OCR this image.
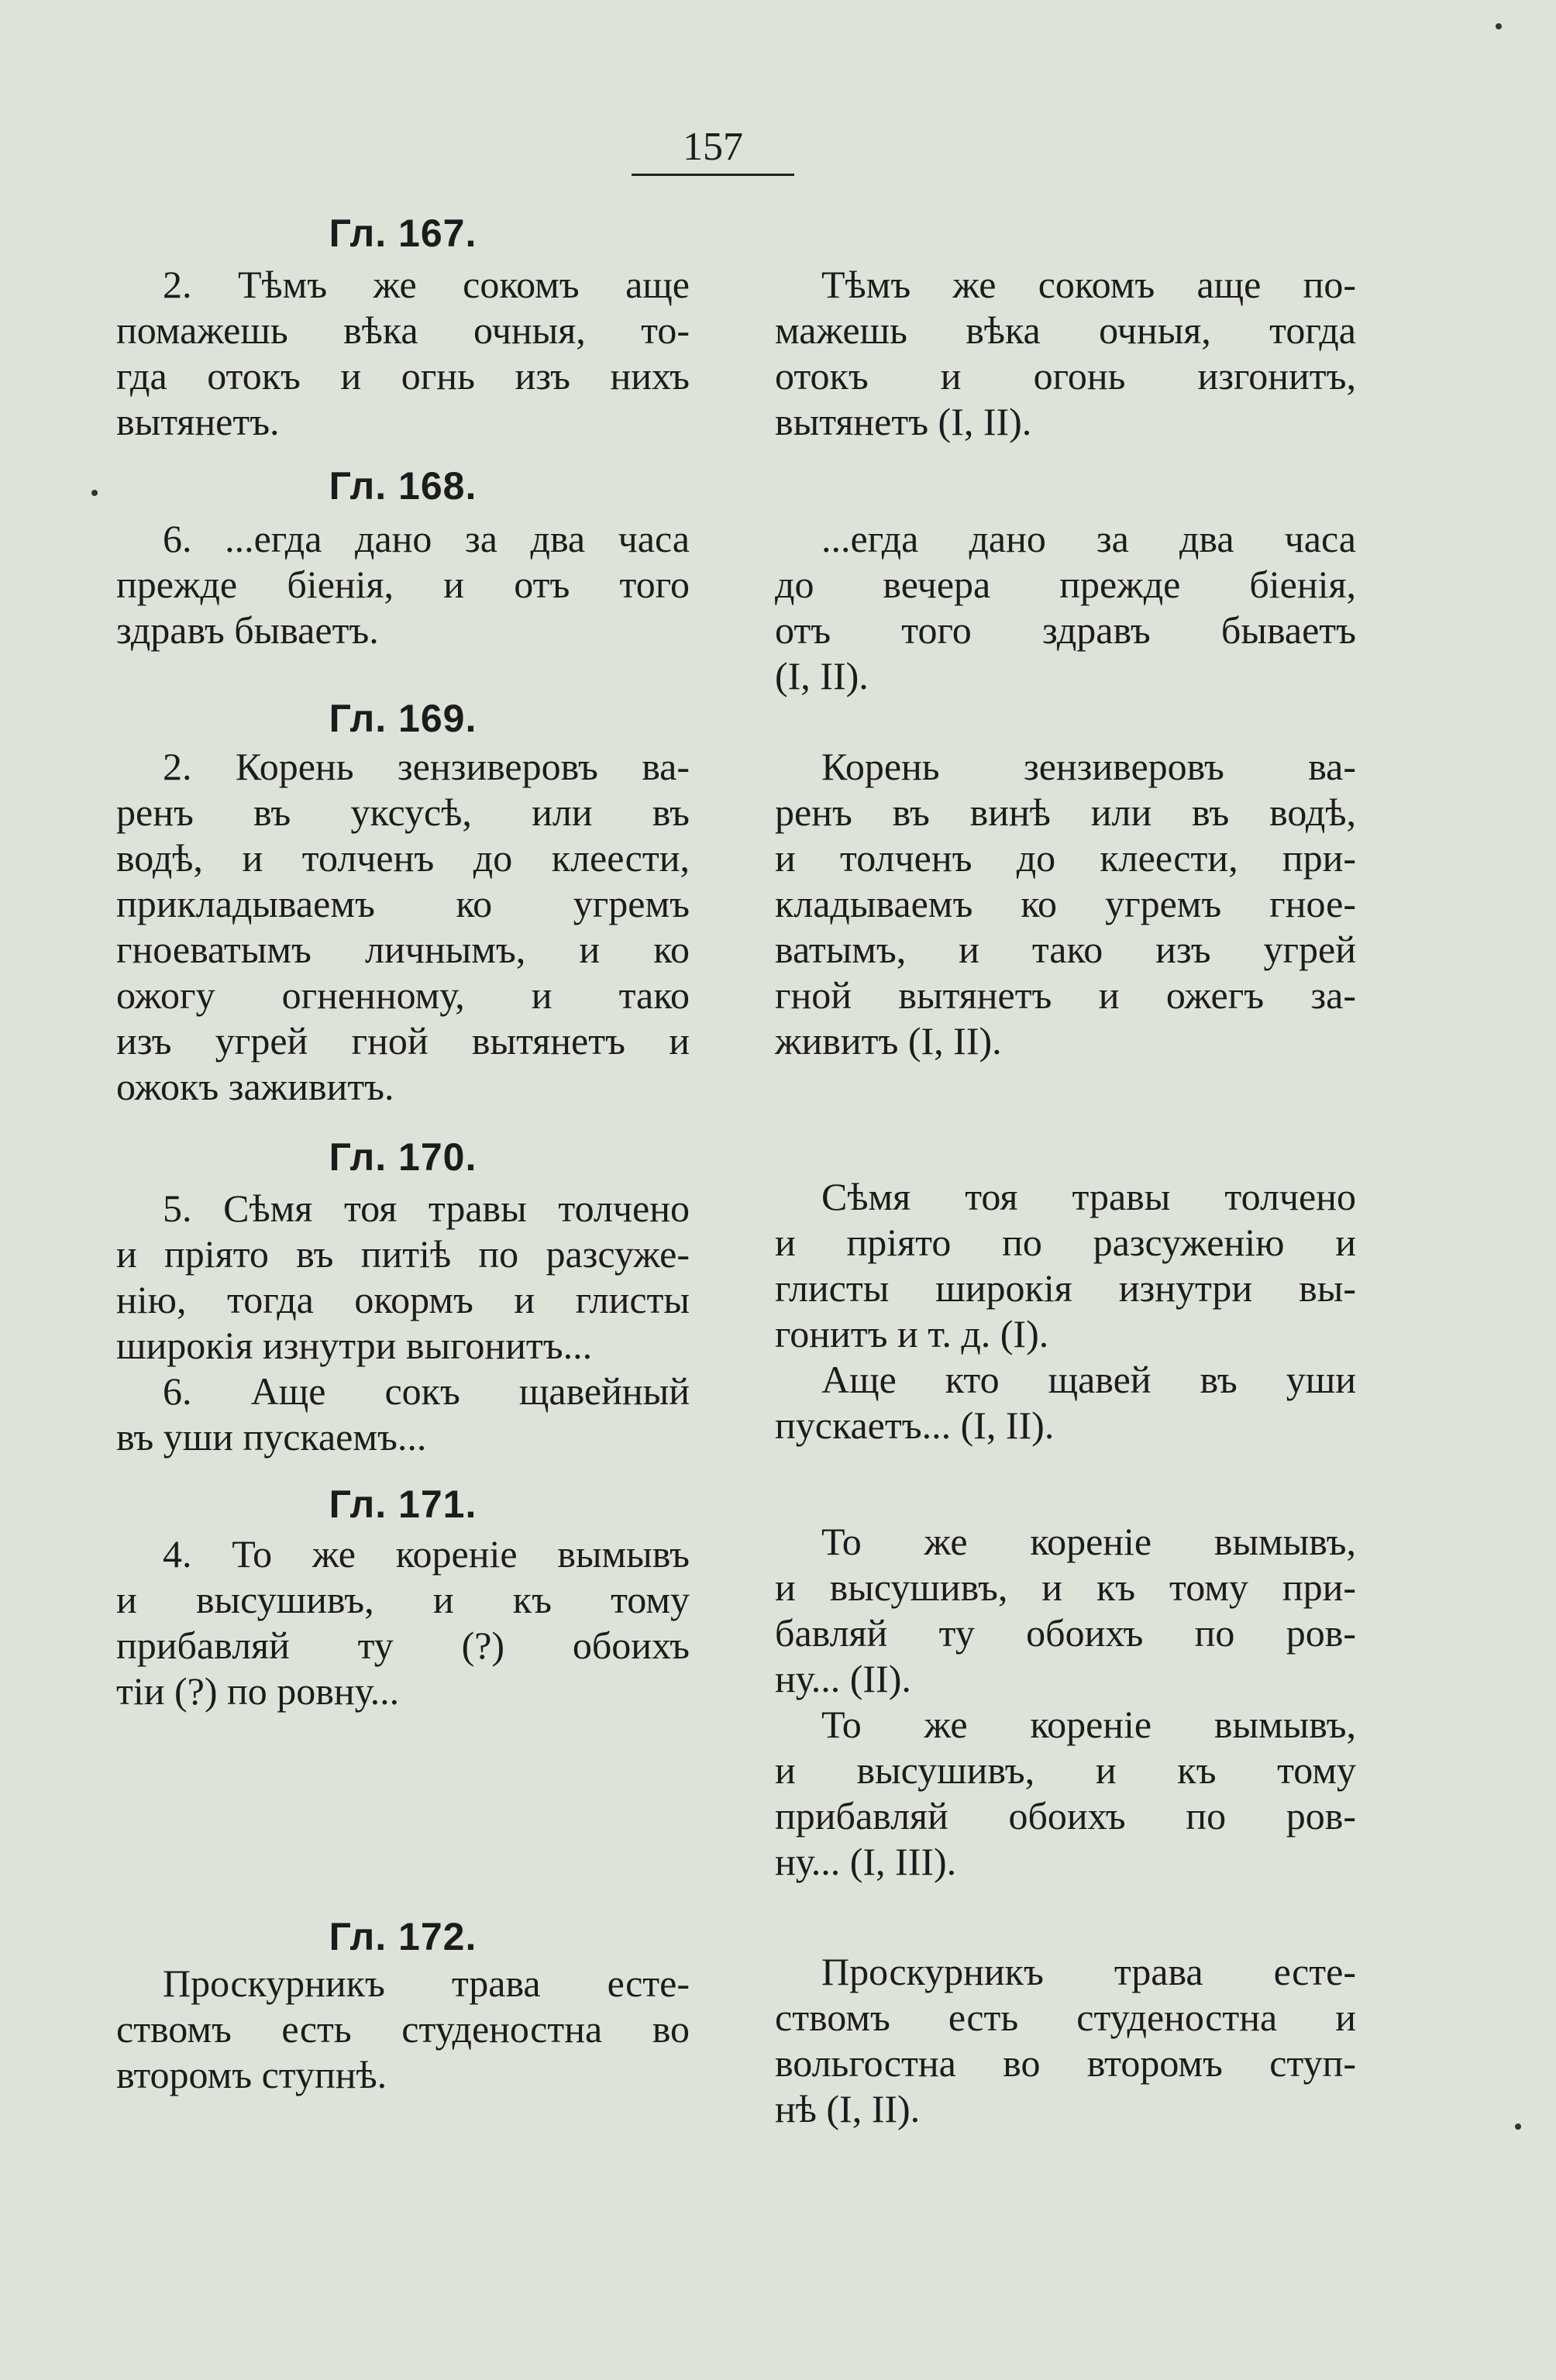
157
Гл. 167.
2. Тѣмъ же сокомъ аще
помажешь вѣка очныя, то-
гда отокъ и огнь изъ нихъ
вытянетъ.
Тѣмъ же сокомъ аще по-
мажешь вѣка очныя, тогда
отокъ и огонь изгонитъ,
вытянетъ (I, II).
Гл. 168.
6. ...егда дано за два часа
прежде біенія, и отъ того
здравъ бываетъ.
...егда дано за два часа
до вечера прежде біенія,
отъ того здравъ бываетъ
(I, II).
Гл. 169.
2. Корень зензиверовъ ва-
ренъ въ уксусѣ, или въ
водѣ, и толченъ до клеести,
прикладываемъ ко угремъ
гноеватымъ личнымъ, и ко
ожогу огненному, и тако
изъ угрей гной вытянетъ и
ожокъ заживитъ.
Корень зензиверовъ ва-
ренъ въ винѣ или въ водѣ,
и толченъ до клеести, при-
кладываемъ ко угремъ гное-
ватымъ, и тако изъ угрей
гной вытянетъ и ожегъ за-
живитъ (I, II).
Гл. 170.
5. Сѣмя тоя травы толчено
и пріято въ питіѣ по разсуже-
нію, тогда окормъ и глисты
широкія изнутри выгонитъ...
6. Аще сокъ щавейный
въ уши пускаемъ...
Сѣмя тоя травы толчено
и пріято по разсуженію и
глисты широкія изнутри вы-
гонитъ и т. д. (I).
Аще кто щавей въ уши
пускаетъ... (I, II).
Гл. 171.
4. То же кореніе вымывъ
и высушивъ, и къ тому
прибавляй ту (?) обоихъ
тіи (?) по ровну...
То же кореніе вымывъ,
и высушивъ, и къ тому при-
бавляй ту обоихъ по ров-
ну... (II).
То же кореніе вымывъ,
и высушивъ, и къ тому
прибавляй обоихъ по ров-
ну... (I, III).
Гл. 172.
Проскурникъ трава есте-
ствомъ есть студеностна во
второмъ ступнѣ.
Проскурникъ трава есте-
ствомъ есть студеностна и
вольгостна во второмъ ступ-
нѣ (I, II).
